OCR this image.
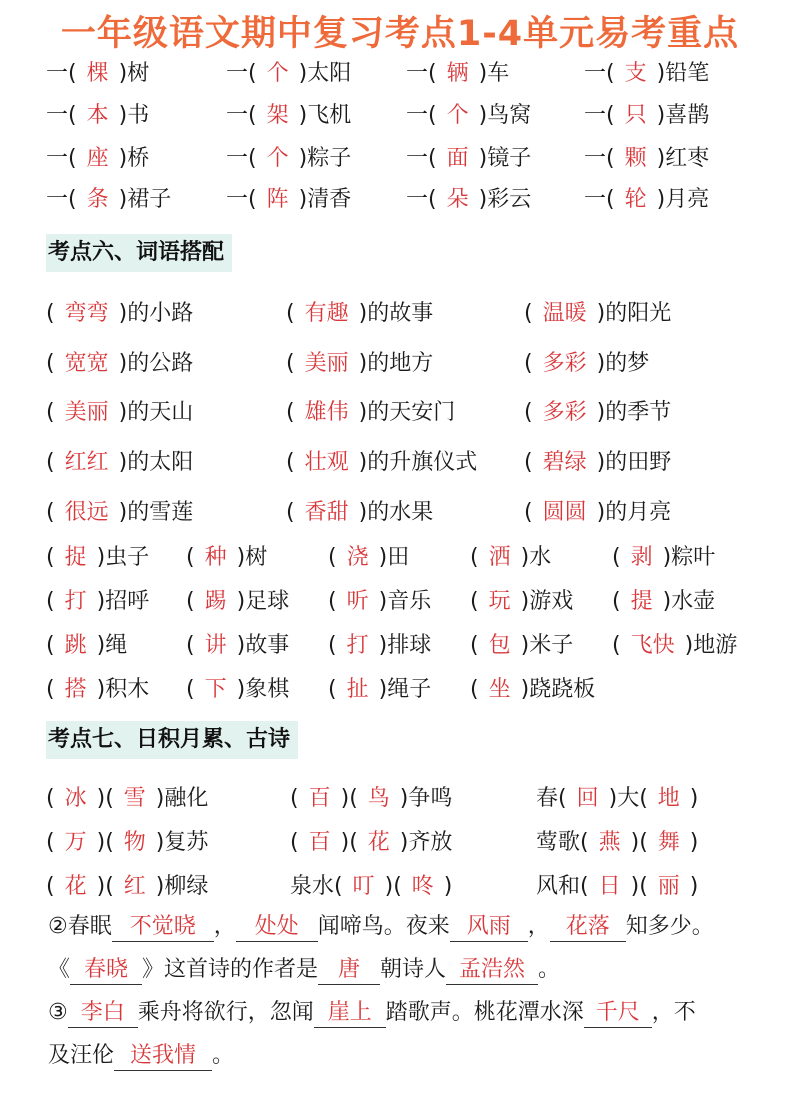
一年级语文期中复习考点1-4单元易考重点
②春眠 不觉晓 ， 处处 闻啼鸟。夜来 风雨 ， 花落 知多少。
《 春晓 》这首诗的作者是 唐 朝诗人 孟浩然 。
③ 李白 乘舟将欲行，忽闻 崖上 踏歌声。桃花潭水深 千尺 ，不
及汪伦 送我情 。
考点六、词语搭配
考点七、日积月累、古诗
一( 棵 )树	一( 个 )太阳 一( 辆 )车	一( 支 )铅笔
一( 本 )书	一( 架 )飞机 一( 个 )鸟窝 一( 只 )喜鹊
一( 座 )桥	一( 个 )粽子 一( 面 )镜子 一( 颗 )红枣
一( 条 )裙子 一( 阵 )清香 一( 朵 )彩云 一( 轮 )月亮
( 弯弯 )的小路	( 有趣 )的故事	( 温暖 )的阳光
( 宽宽 )的公路	( 美丽 )的地方	( 多彩 )的梦
( 美丽 )的天山	( 雄伟 )的天安门	( 多彩 )的季节
( 红红 )的太阳	( 壮观 )的升旗仪式 ( 碧绿 )的田野
( 很远 )的雪莲	( 香甜 )的水果	( 圆圆 )的月亮
( 捉 )虫子 ( 种 )树	( 浇 )田	( 洒 )水	( 剥 )粽叶
( 打 )招呼 ( 踢 )足球 ( 听 )音乐 ( 玩 )游戏 ( 提 )水壶
( 跳 )绳	( 讲 )故事 ( 打 )排球 ( 包 )米子 ( 飞快 )地游
( 搭 )积木 ( 下 )象棋 ( 扯 )绳子 ( 坐 )跷跷板
( 冰 )( 雪 )融化	( 百 )( 鸟 )争鸣	春( 回 )大( 地 )
( 万 )( 物 )复苏	( 百 )( 花 )齐放	莺歌( 燕 )( 舞 )
( 花 )( 红 )柳绿	泉水( 叮 )( 咚 )	风和( 日 )( 丽 )
